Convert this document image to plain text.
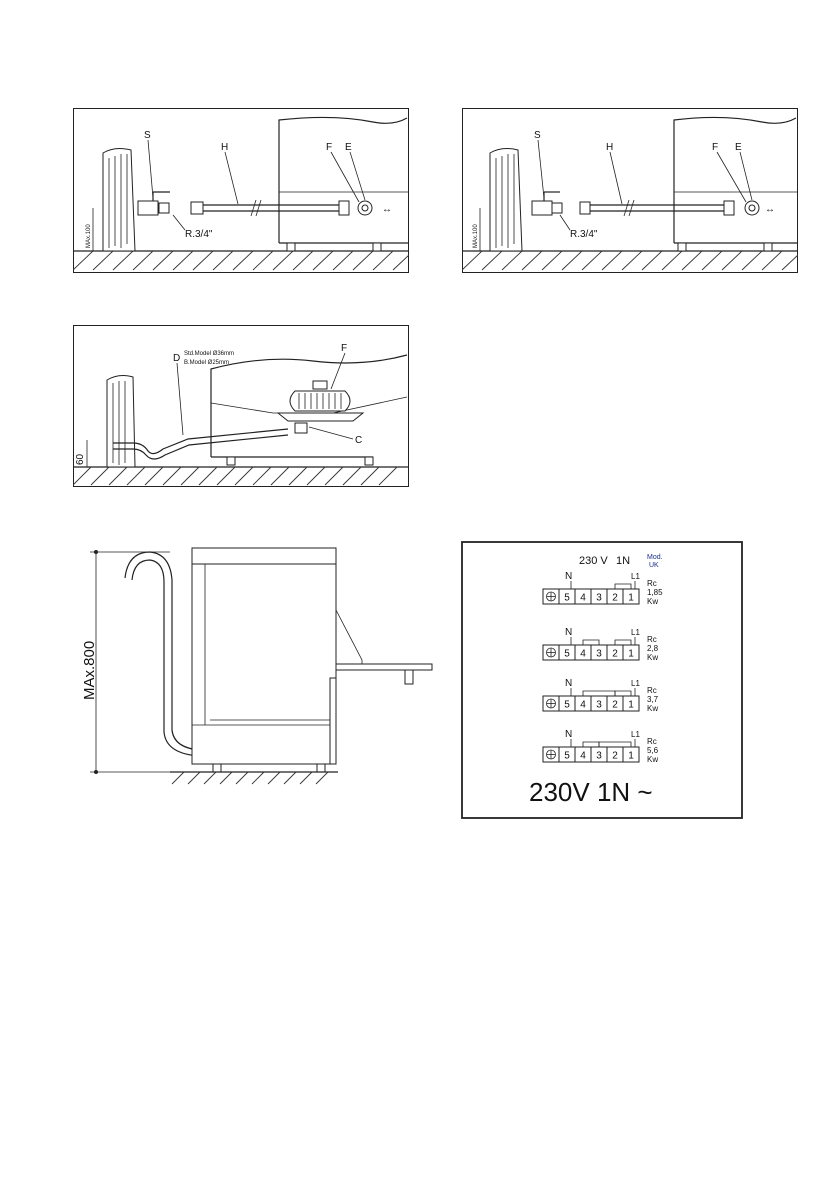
MAx.100
S
R.3/4"
H	F E
↔
MAx.100
S
R.3/4"
H	F E
↔
60
D Std.Model Ø36mm
B.Model Ø25mm
F
C
MAx.800
230 V 1N Mod.
UK
230V 1N ~
N	L1
5 4 3 2 1
Rc
1,85
Kw
N	L1
5 4 3 2 1
Rc
2,8
Kw
N	L1
5 4 3 2 1
Rc
3,7
Kw
N	L1
5 4 3 2 1
Rc
5,6
Kw
